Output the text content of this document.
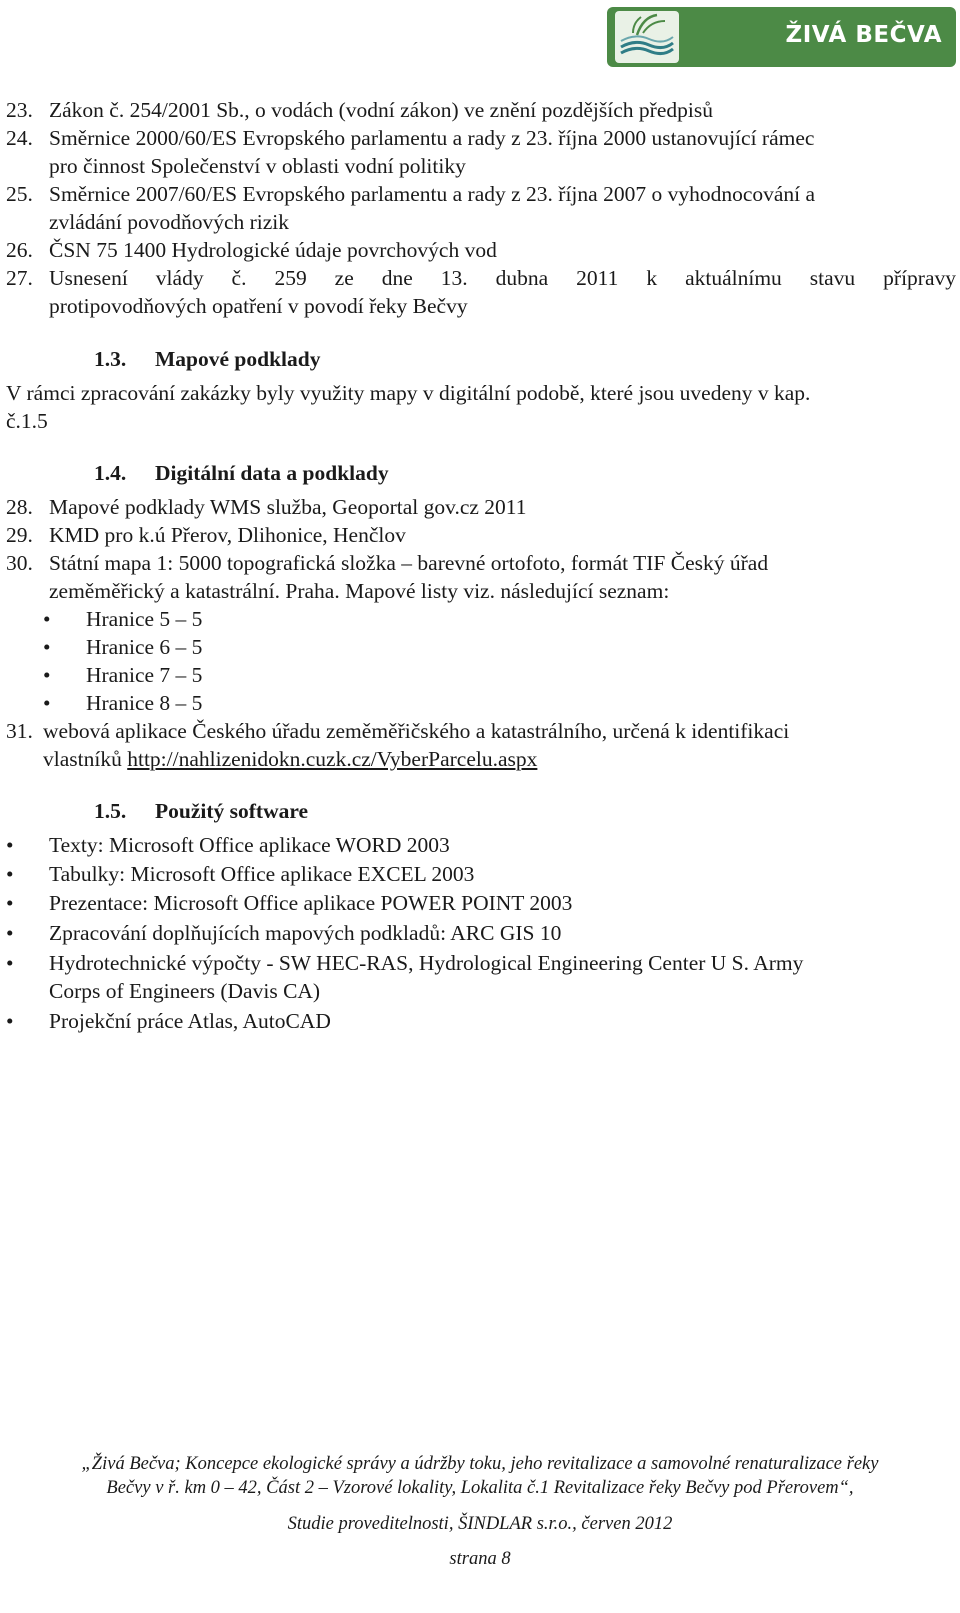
ŽIVÁ BEČVA
23. Zákon č. 254/2001 Sb., o vodách (vodní zákon) ve znění pozdějších předpisů
24. Směrnice 2000/60/ES Evropského parlamentu a rady z 23. října 2000 ustanovující rámec
pro činnost Společenství v oblasti vodní politiky
25. Směrnice 2007/60/ES Evropského parlamentu a rady z 23. října 2007 o vyhodnocování a
zvládání povodňových rizik
26. ČSN 75 1400 Hydrologické údaje povrchových vod
27. Usnesení vlády č. 259 ze dne 13. dubna 2011 k aktuálnímu stavu přípravy
protipovodňových opatření v povodí řeky Bečvy
1.3.	Mapové podklady
V rámci zpracování zakázky byly využity mapy v digitální podobě, které jsou uvedeny v kap.
č.1.5
1.4.	Digitální data a podklady
28. Mapové podklady WMS služba, Geoportal gov.cz 2011
29. KMD pro k.ú Přerov, Dlihonice, Henčlov
30. Státní mapa 1: 5000 topografická složka – barevné ortofoto, formát TIF Český úřad
zeměměřický a katastrální. Praha. Mapové listy viz. následující seznam:
•	Hranice 5 – 5
•	Hranice 6 – 5
•	Hranice 7 – 5
•	Hranice 8 – 5
31. webová aplikace Českého úřadu zeměměřičského a katastrálního, určená k identifikaci
vlastníků http://nahlizenidokn.cuzk.cz/VyberParcelu.aspx
1.5.	Použitý software
•	Texty: Microsoft Office aplikace WORD 2003
•	Tabulky: Microsoft Office aplikace EXCEL 2003
•	Prezentace: Microsoft Office aplikace POWER POINT 2003
•	Zpracování doplňujících mapových podkladů: ARC GIS 10
•	Hydrotechnické výpočty - SW HEC-RAS, Hydrological Engineering Center U S. Army
Corps of Engineers (Davis CA)
•	Projekční práce Atlas, AutoCAD
„Živá Bečva; Koncepce ekologické správy a údržby toku, jeho revitalizace a samovolné renaturalizace řeky
Bečvy v ř. km 0 – 42, Část 2 – Vzorové lokality, Lokalita č.1 Revitalizace řeky Bečvy pod Přerovem“,
Studie proveditelnosti, ŠINDLAR s.r.o., červen 2012
strana 8
